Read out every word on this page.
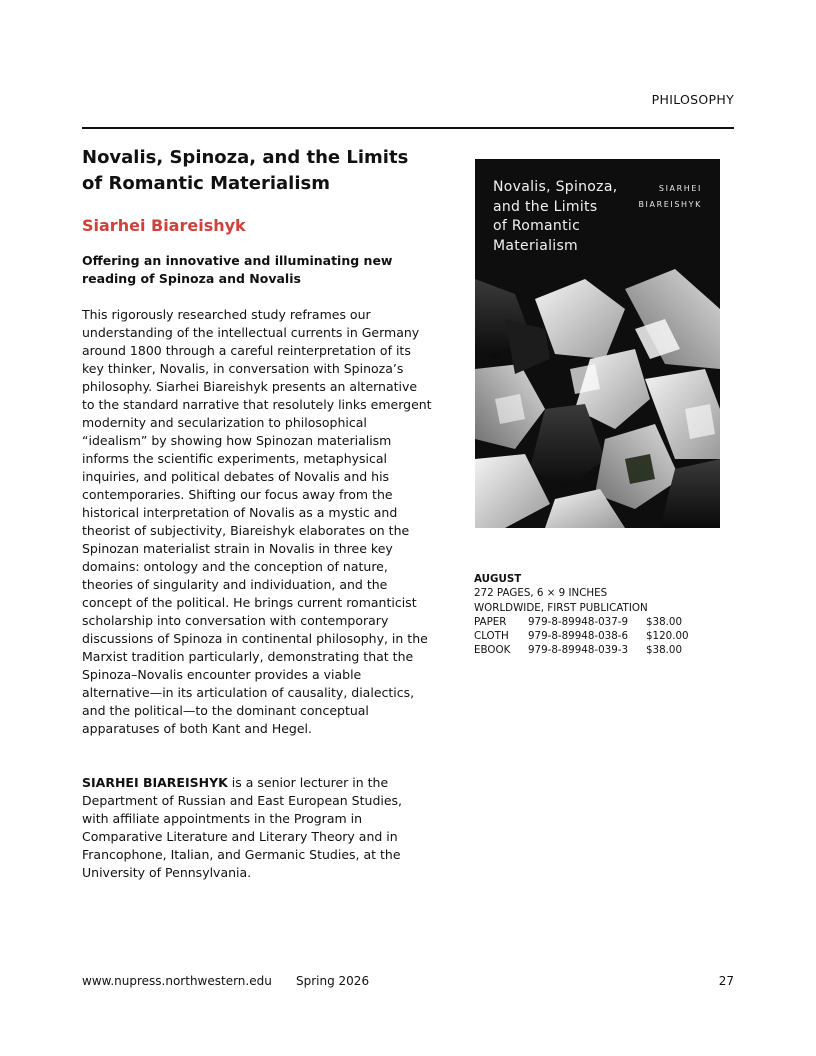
PHILOSOPHY
Novalis, Spinoza, and the Limits of Romantic Materialism
Siarhei Biareishyk
Offering an innovative and illuminating new reading of Spinoza and Novalis
This rigorously researched study reframes our understanding of the intellectual currents in Germany around 1800 through a careful reinterpretation of its key thinker, Novalis, in conversation with Spinoza’s philosophy. Siarhei Biareishyk presents an alternative to the standard narrative that resolutely links emergent modernity and secularization to philosophical “idealism” by showing how Spinozan materialism informs the scientific experiments, metaphysical inquiries, and political debates of Novalis and his contemporaries. Shifting our focus away from the historical interpretation of Novalis as a mystic and theorist of subjectivity, Biareishyk elaborates on the Spinozan materialist strain in Novalis in three key domains: ontology and the conception of nature, theories of singularity and individuation, and the concept of the political. He brings current romanticist scholarship into conversation with contemporary discussions of Spinoza in continental philosophy, in the Marxist tradition particularly, demonstrating that the Spinoza–Novalis encounter provides a viable alternative—in its articulation of causality, dialectics, and the political—to the dominant conceptual apparatuses of both Kant and Hegel.
SIARHEI BIAREISHYK is a senior lecturer in the Department of Russian and East European Studies, with affiliate appointments in the Program in Comparative Literature and Literary Theory and in Francophone, Italian, and Germanic Studies, at the University of Pennsylvania.
Novalis, Spinoza,
and the Limits
of Romantic
Materialism
SIARHEI
BIAREISHYK
AUGUST
272 PAGES, 6 × 9 INCHES
WORLDWIDE, FIRST PUBLICATION
PAPER	979-8-89948-037-9	$38.00
CLOTH	979-8-89948-038-6	$120.00
EBOOK	979-8-89948-039-3	$38.00
www.nupress.northwestern.edu Spring 2026	27
